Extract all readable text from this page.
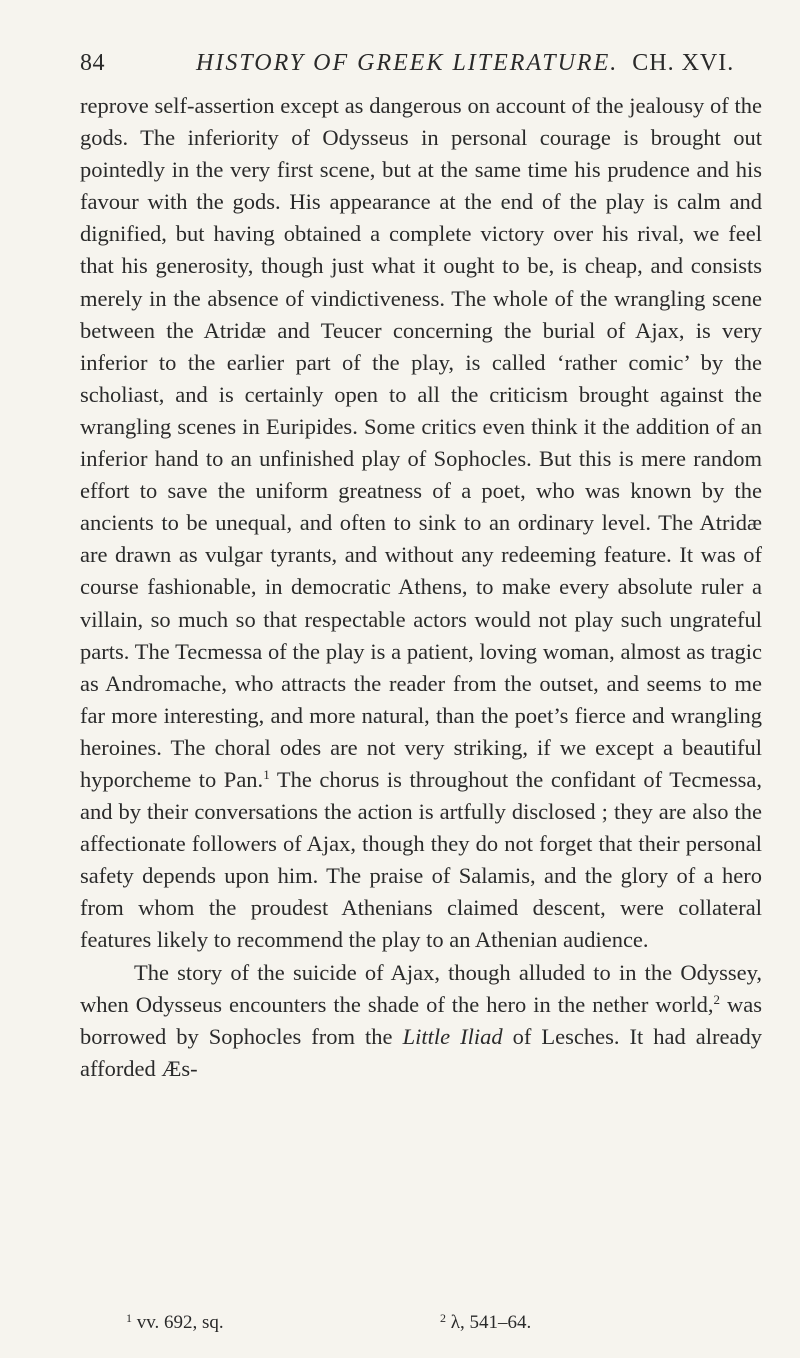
84	HISTORY OF GREEK LITERATURE. CH. XVI.

reprove self-assertion except as dangerous on account of the jealousy of the gods. The inferiority of Odysseus in personal courage is brought out pointedly in the very first scene, but at the same time his prudence and his favour with the gods. His appearance at the end of the play is calm and dignified, but having obtained a complete victory over his rival, we feel that his generosity, though just what it ought to be, is cheap, and consists merely in the absence of vindictiveness. The whole of the wrangling scene between the Atridæ and Teucer concerning the burial of Ajax, is very inferior to the earlier part of the play, is called ‘rather comic’ by the scholiast, and is certainly open to all the criticism brought against the wrangling scenes in Euripides. Some critics even think it the addition of an inferior hand to an unfinished play of Sophocles. But this is mere random effort to save the uniform greatness of a poet, who was known by the ancients to be unequal, and often to sink to an ordinary level. The Atridæ are drawn as vulgar tyrants, and without any redeeming feature. It was of course fashionable, in democratic Athens, to make every absolute ruler a villain, so much so that respectable actors would not play such ungrateful parts. The Tecmessa of the play is a patient, loving woman, almost as tragic as Andromache, who attracts the reader from the outset, and seems to me far more interesting, and more natural, than the poet’s fierce and wrangling heroines. The choral odes are not very striking, if we except a beautiful hyporcheme to Pan.$^1$ The chorus is throughout the confidant of Tecmessa, and by their conversations the action is artfully disclosed ; they are also the affectionate followers of Ajax, though they do not forget that their personal safety depends upon him. The praise of Salamis, and the glory of a hero from whom the proudest Athenians claimed descent, were collateral features likely to recommend the play to an Athenian audience.

The story of the suicide of Ajax, though alluded to in the Odyssey, when Odysseus encounters the shade of the hero in the nether world,$^2$ was borrowed by Sophocles from the Little Iliad of Lesches. It had already afforded Æs-

$^1$ vv. 692, sq.	$^2$ λ, 541–64.
